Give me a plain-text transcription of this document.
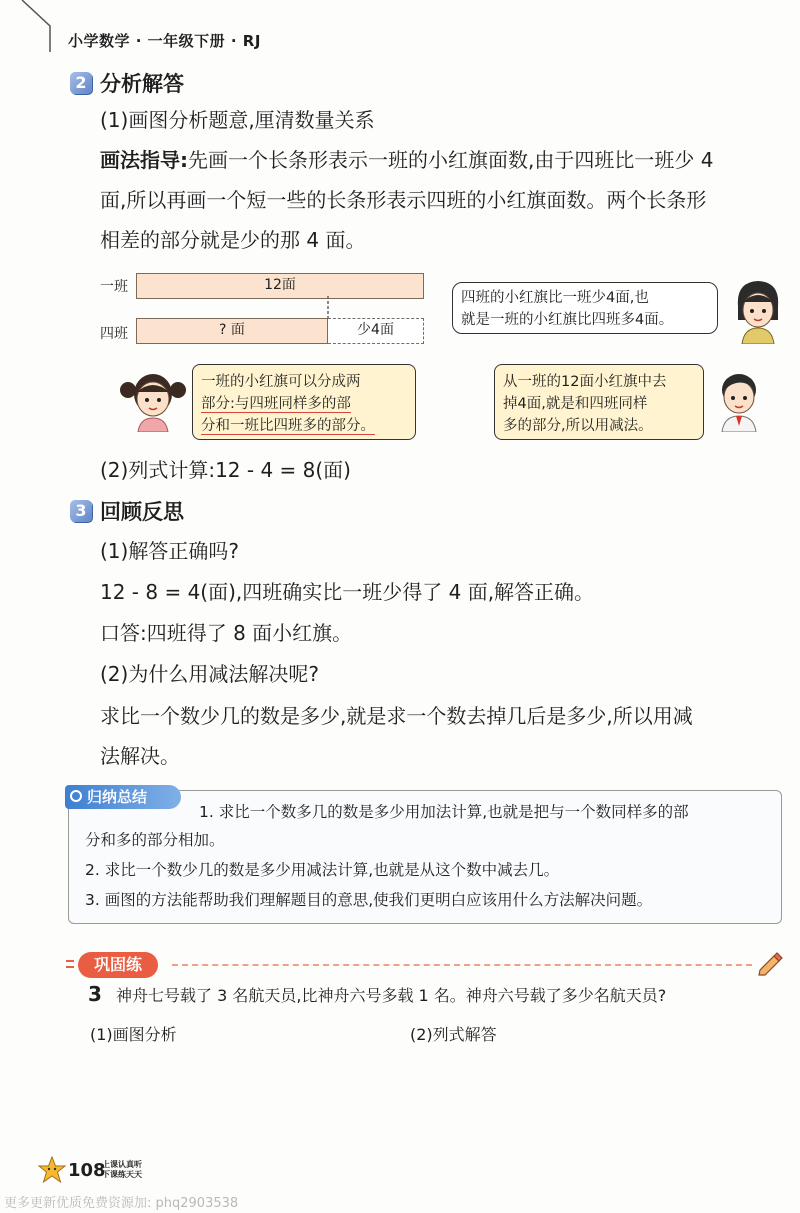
小学数学 · 一年级下册 · RJ
2 分析解答
(1)画图分析题意,厘清数量关系
画法指导:先画一个长条形表示一班的小红旗面数,由于四班比一班少 4
面,所以再画一个短一些的长条形表示四班的小红旗面数。两个长条形
相差的部分就是少的那 4 面。
一班	12面
四班	? 面	少4面
四班的小红旗比一班少4面,也
就是一班的小红旗比四班多4面。
一班的小红旗可以分成两
部分:与四班同样多的部
分和一班比四班多的部分。
从一班的12面小红旗中去
掉4面,就是和四班同样
多的部分,所以用减法。
(2)列式计算:12 - 4 = 8(面)
3 回顾反思
(1)解答正确吗?
12 - 8 = 4(面),四班确实比一班少得了 4 面,解答正确。
口答:四班得了 8 面小红旗。
(2)为什么用减法解决呢?
求比一个数少几的数是多少,就是求一个数去掉几后是多少,所以用减
法解决。
归纳总结
1. 求比一个数多几的数是多少用加法计算,也就是把与一个数同样多的部
分和多的部分相加。
2. 求比一个数少几的数是多少用减法计算,也就是从这个数中减去几。
3. 画图的方法能帮助我们理解题目的意思,使我们更明白应该用什么方法解决问题。
巩固练
3 神舟七号载了 3 名航天员,比神舟六号多载 1 名。神舟六号载了多少名航天员?
(1)画图分析	(2)列式解答
108
上课认真听
下课练天天
更多更新优质免费资源加: phq2903538
